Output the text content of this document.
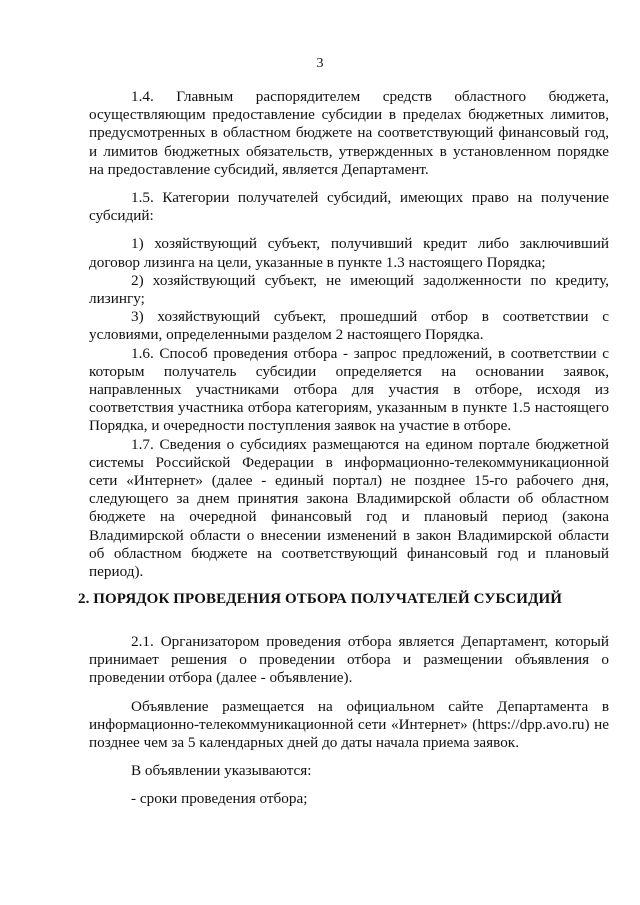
3

1.4. Главным распорядителем средств областного бюджета, осуществляющим предоставление субсидии в пределах бюджетных лимитов, предусмотренных в областном бюджете на соответствующий финансовый год, и лимитов бюджетных обязательств, утвержденных в установленном порядке на предоставление субсидий, является Департамент.

1.5. Категории получателей субсидий, имеющих право на получение субсидий:

1) хозяйствующий субъект, получивший кредит либо заключивший договор лизинга на цели, указанные в пункте 1.3 настоящего Порядка;

2) хозяйствующий субъект, не имеющий задолженности по кредиту, лизингу;

3) хозяйствующий субъект, прошедший отбор в соответствии с условиями, определенными разделом 2 настоящего Порядка.

1.6. Способ проведения отбора - запрос предложений, в соответствии с которым получатель субсидии определяется на основании заявок, направленных участниками отбора для участия в отборе, исходя из соответствия участника отбора категориям, указанным в пункте 1.5 настоящего Порядка, и очередности поступления заявок на участие в отборе.

1.7. Сведения о субсидиях размещаются на едином портале бюджетной системы Российской Федерации в информационно-телекоммуникационной сети «Интернет» (далее - единый портал) не позднее 15-го рабочего дня, следующего за днем принятия закона Владимирской области об областном бюджете на очередной финансовый год и плановый период (закона Владимирской области о внесении изменений в закон Владимирской области об областном бюджете на соответствующий финансовый год и плановый период).

2. ПОРЯДОК ПРОВЕДЕНИЯ ОТБОРА ПОЛУЧАТЕЛЕЙ СУБСИДИЙ

2.1. Организатором проведения отбора является Департамент, который принимает решения о проведении отбора и размещении объявления о проведении отбора (далее - объявление).

Объявление размещается на официальном сайте Департамента в информационно-телекоммуникационной сети «Интернет» (https://dpp.avo.ru) не позднее чем за 5 календарных дней до даты начала приема заявок.

В объявлении указываются:

- сроки проведения отбора;
